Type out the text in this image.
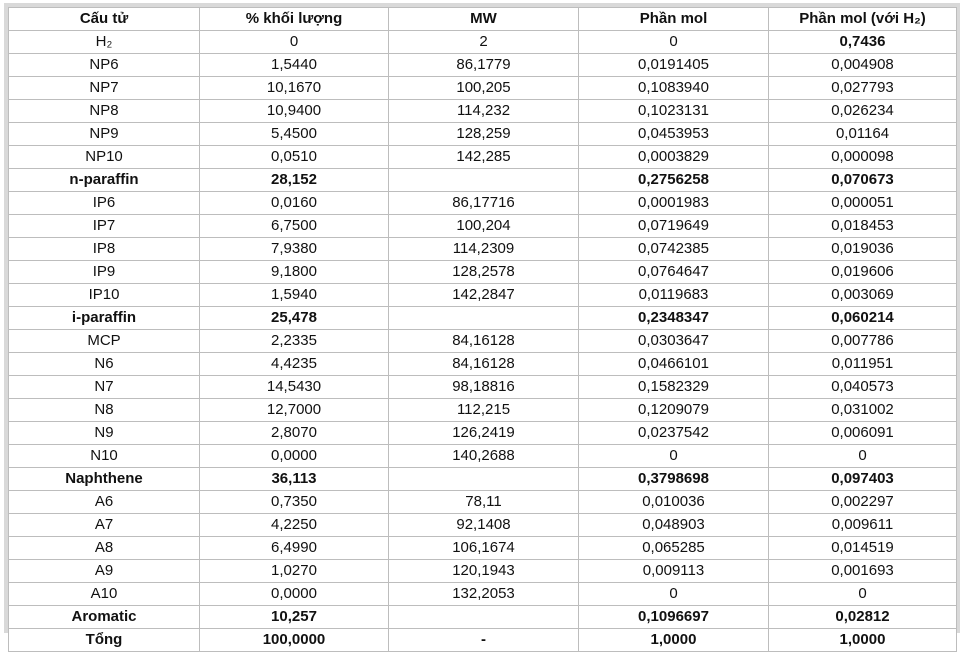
Cấu tử	% khối lượng	MW	Phần mol	Phần mol (với H₂)
H₂	0	2	0	0,7436
NP6	1,5440	86,1779	0,0191405	0,004908
NP7	10,1670	100,205	0,1083940	0,027793
NP8	10,9400	114,232	0,1023131	0,026234
NP9	5,4500	128,259	0,0453953	0,01164
NP10	0,0510	142,285	0,0003829	0,000098
n-paraffin	28,152		0,2756258	0,070673
IP6	0,0160	86,17716	0,0001983	0,000051
IP7	6,7500	100,204	0,0719649	0,018453
IP8	7,9380	114,2309	0,0742385	0,019036
IP9	9,1800	128,2578	0,0764647	0,019606
IP10	1,5940	142,2847	0,0119683	0,003069
i-paraffin	25,478		0,2348347	0,060214
MCP	2,2335	84,16128	0,0303647	0,007786
N6	4,4235	84,16128	0,0466101	0,011951
N7	14,5430	98,18816	0,1582329	0,040573
N8	12,7000	112,215	0,1209079	0,031002
N9	2,8070	126,2419	0,0237542	0,006091
N10	0,0000	140,2688	0	0
Naphthene	36,113		0,3798698	0,097403
A6	0,7350	78,11	0,010036	0,002297
A7	4,2250	92,1408	0,048903	0,009611
A8	6,4990	106,1674	0,065285	0,014519
A9	1,0270	120,1943	0,009113	0,001693
A10	0,0000	132,2053	0	0
Aromatic	10,257		0,1096697	0,02812
Tổng	100,0000	-	1,0000	1,0000
